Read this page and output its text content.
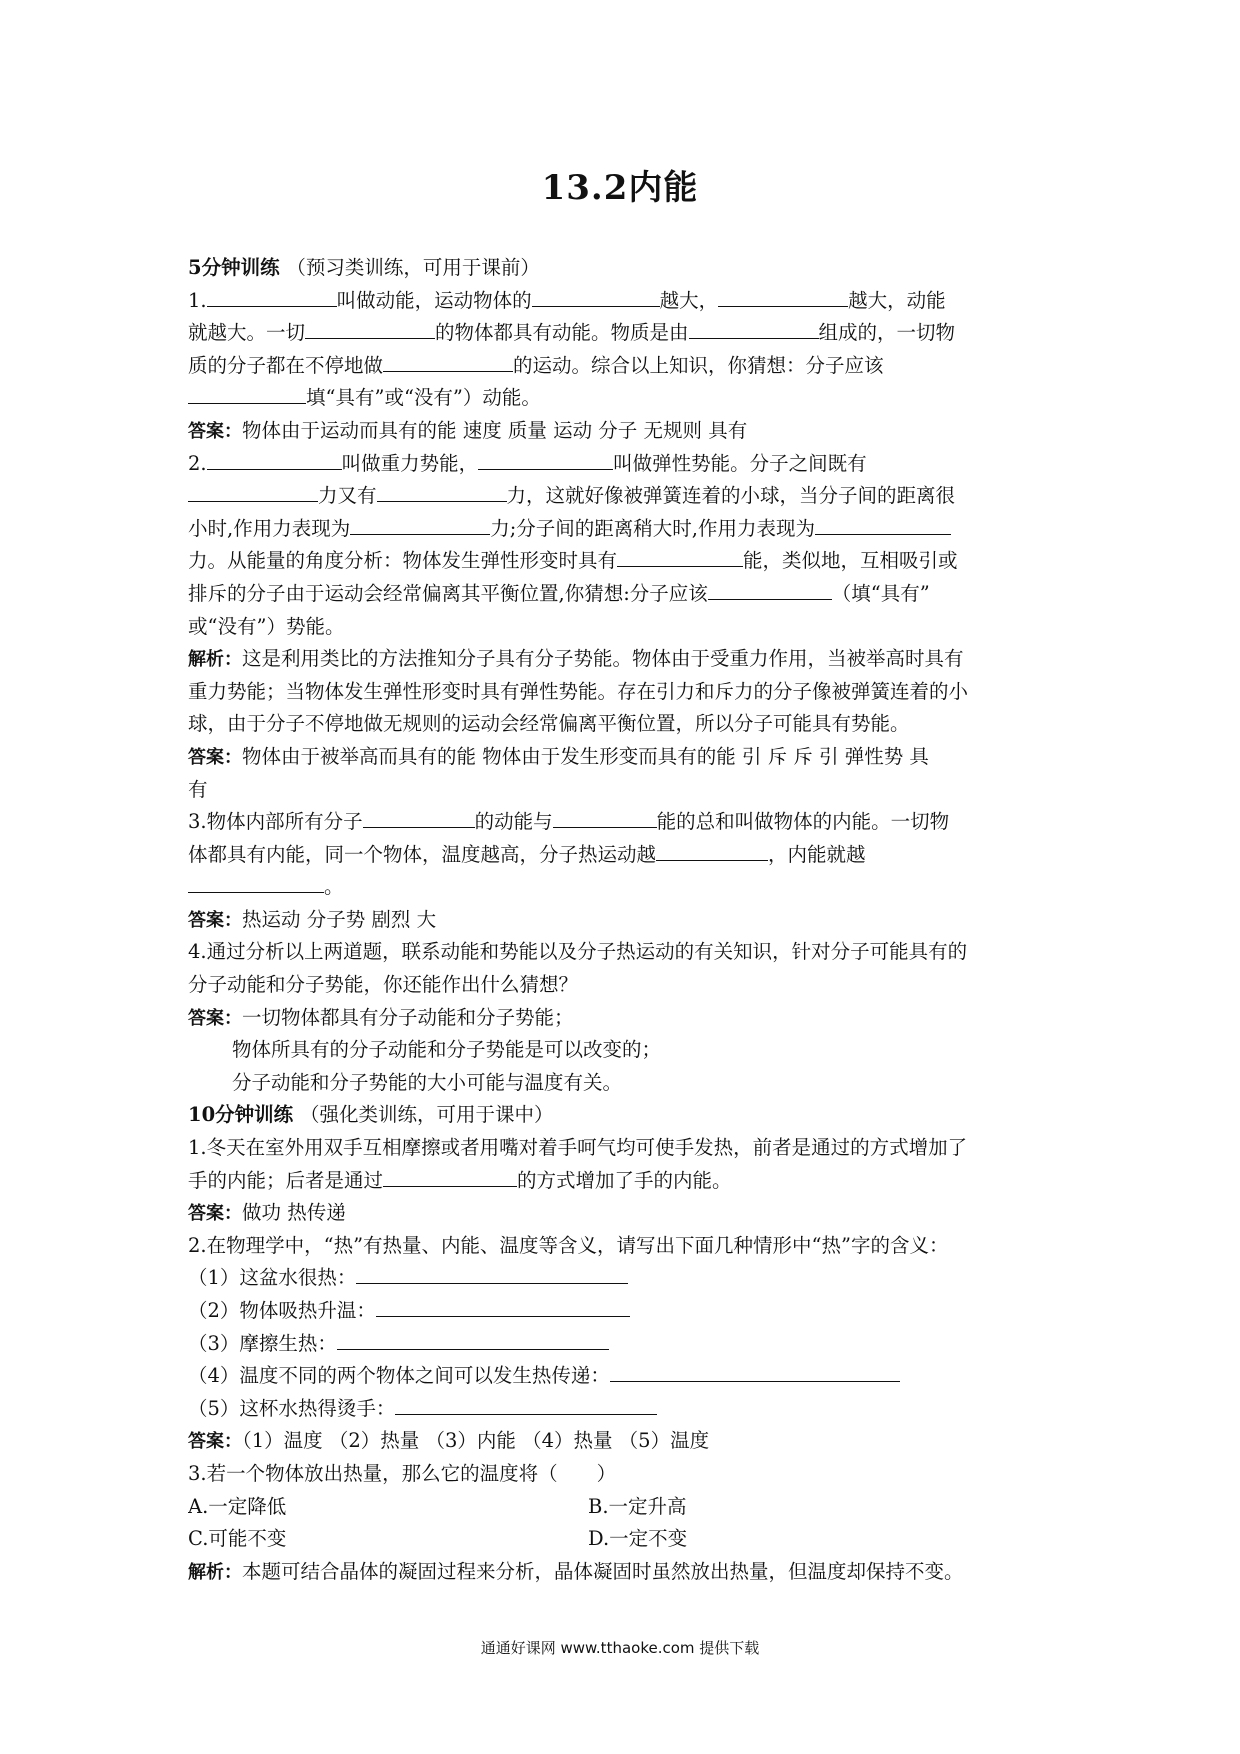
13.2内能
5分钟训练 （预习类训练，可用于课前）
1.	叫做动能，运动物体的	越大，	越大，动能
就越大。一切	的物体都具有动能。物质是由	组成的，一切物
质的分子都在不停地做	的运动。综合以上知识，你猜想：分子应该
填“具有”或“没有”）动能。
答案：物体由于运动而具有的能 速度 质量 运动 分子 无规则 具有
2.	叫做重力势能，	叫做弹性势能。分子之间既有
力又有	力，这就好像被弹簧连着的小球，当分子间的距离很
小时,作用力表现为	力;分子间的距离稍大时,作用力表现为
力。从能量的角度分析：物体发生弹性形变时具有	能，类似地，互相吸引或
排斥的分子由于运动会经常偏离其平衡位置,你猜想:分子应该	（填“具有”
或“没有”）势能。
解析：这是利用类比的方法推知分子具有分子势能。物体由于受重力作用，当被举高时具有
重力势能；当物体发生弹性形变时具有弹性势能。存在引力和斥力的分子像被弹簧连着的小
球，由于分子不停地做无规则的运动会经常偏离平衡位置，所以分子可能具有势能。
答案：物体由于被举高而具有的能 物体由于发生形变而具有的能 引 斥 斥 引 弹性势 具
有
3.物体内部所有分子	的动能与	能的总和叫做物体的内能。一切物
体都具有内能，同一个物体，温度越高，分子热运动越	，内能就越
。
答案：热运动 分子势 剧烈 大
4.通过分析以上两道题，联系动能和势能以及分子热运动的有关知识，针对分子可能具有的
分子动能和分子势能，你还能作出什么猜想？
答案：一切物体都具有分子动能和分子势能；
物体所具有的分子动能和分子势能是可以改变的；
分子动能和分子势能的大小可能与温度有关。
10分钟训练 （强化类训练，可用于课中）
1.冬天在室外用双手互相摩擦或者用嘴对着手呵气均可使手发热，前者是通过的方式增加了
手的内能；后者是通过	的方式增加了手的内能。
答案：做功 热传递
2.在物理学中，“热”有热量、内能、温度等含义，请写出下面几种情形中“热”字的含义：
（1）这盆水很热：
（2）物体吸热升温：
（3）摩擦生热：
（4）温度不同的两个物体之间可以发生热传递：
（5）这杯水热得烫手：
答案：（1）温度 （2）热量 （3）内能 （4）热量 （5）温度
3.若一个物体放出热量，那么它的温度将（　　）
A.一定降低	B.一定升高
C.可能不变	D.一定不变
解析：本题可结合晶体的凝固过程来分析，晶体凝固时虽然放出热量，但温度却保持不变。
通通好课网 www.tthaoke.com 提供下载
